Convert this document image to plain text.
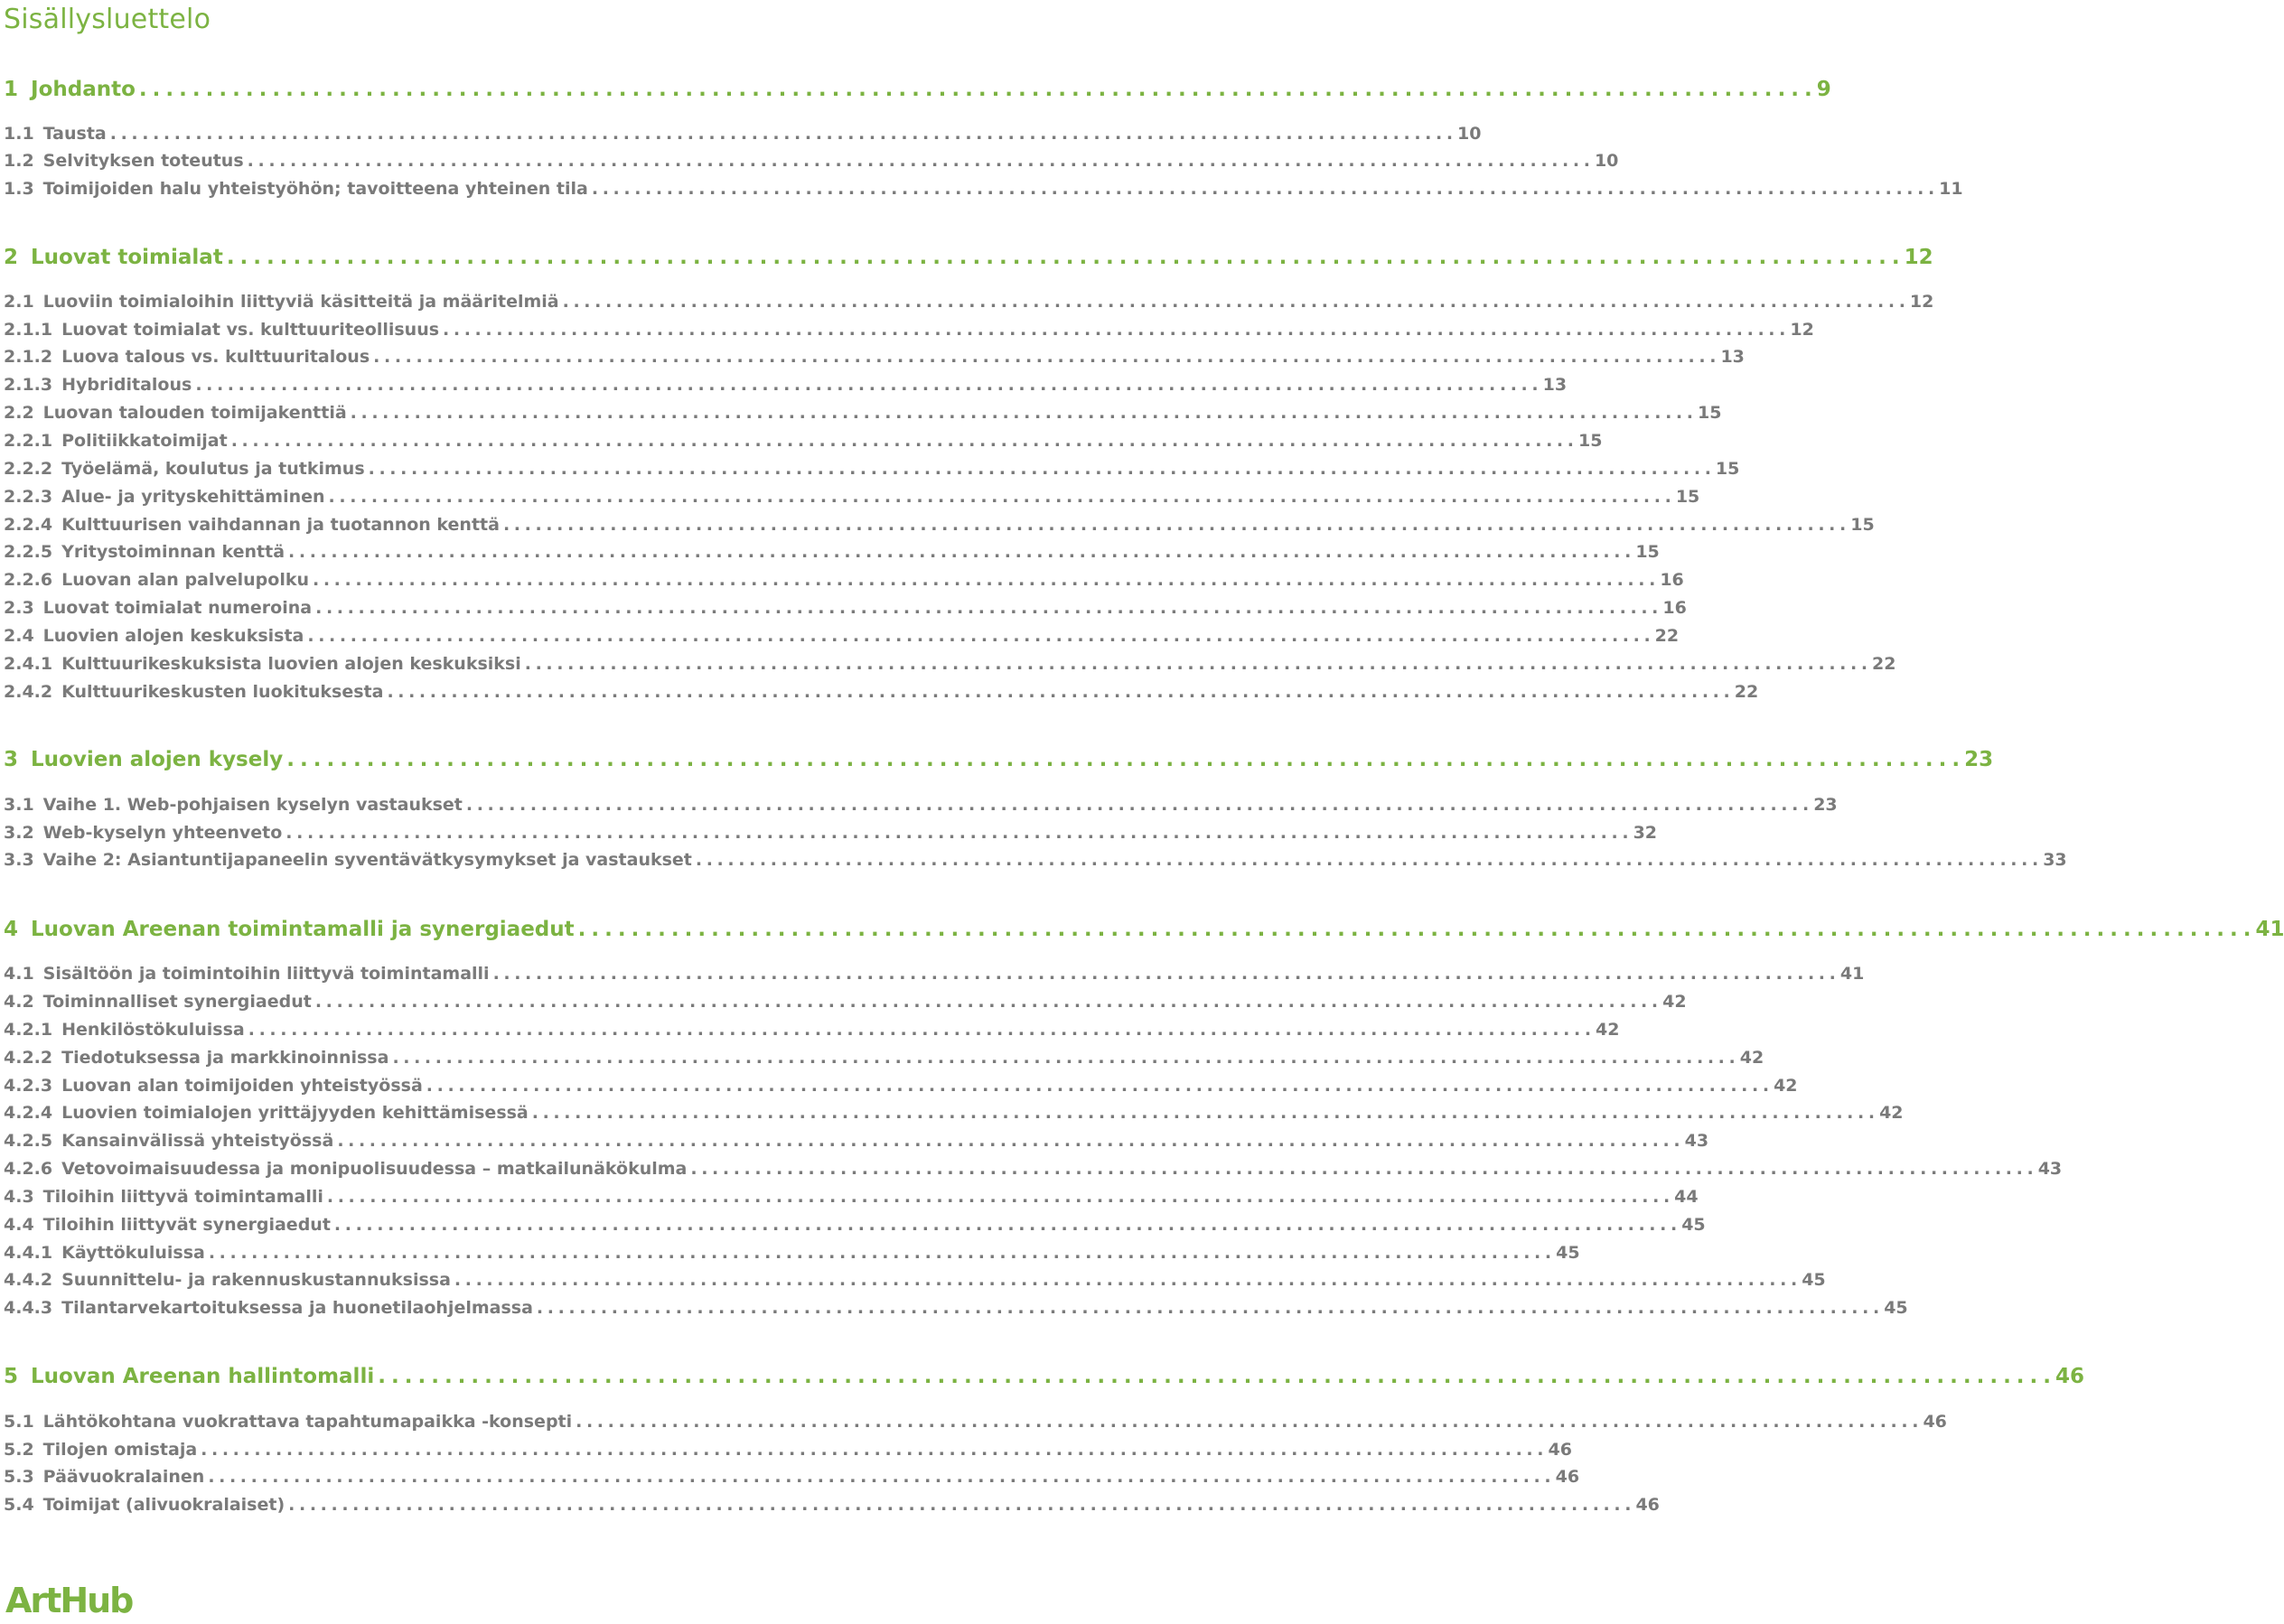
Sisällysluettelo
1 Johdanto . . .	9
1.1 Tausta . . .	10
1.2 Selvityksen toteutus . . .	10
1.3 Toimijoiden halu yhteistyöhön; tavoitteena yhteinen tila . . .	11
2 Luovat toimialat . . .	12
2.1 Luoviin toimialoihin liittyviä käsitteitä ja määritelmiä . . .	12
2.1.1 Luovat toimialat vs. kulttuuriteollisuus . . .	12
2.1.2 Luova talous vs. kulttuuritalous . . .	13
2.1.3 Hybriditalous . . .	13
2.2 Luovan talouden toimijakenttiä . . .	15
2.2.1 Politiikkatoimijat . . .	15
2.2.2 Työelämä, koulutus ja tutkimus . . .	15
2.2.3 Alue- ja yrityskehittäminen . . .	15
2.2.4 Kulttuurisen vaihdannan ja tuotannon kenttä . . .	15
2.2.5 Yritystoiminnan kenttä . . .	15
2.2.6 Luovan alan palvelupolku . . .	16
2.3 Luovat toimialat numeroina . . .	16
2.4 Luovien alojen keskuksista . . .	22
2.4.1 Kulttuurikeskuksista luovien alojen keskuksiksi . . .	22
2.4.2 Kulttuurikeskusten luokituksesta . . .	22
3 Luovien alojen kysely . . .	23
3.1 Vaihe 1. Web-pohjaisen kyselyn vastaukset . . .	23
3.2 Web-kyselyn yhteenveto . . .	32
3.3 Vaihe 2: Asiantuntijapaneelin syventävätkysymykset ja vastaukset . . .	33
4 Luovan Areenan toimintamalli ja synergiaedut . . .	41
4.1 Sisältöön ja toimintoihin liittyvä toimintamalli . . .	41
4.2 Toiminnalliset synergiaedut . . .	42
4.2.1 Henkilöstökuluissa . . .	42
4.2.2 Tiedotuksessa ja markkinoinnissa . . .	42
4.2.3 Luovan alan toimijoiden yhteistyössä . . .	42
4.2.4 Luovien toimialojen yrittäjyyden kehittämisessä . . .	42
4.2.5 Kansainvälissä yhteistyössä . . .	43
4.2.6 Vetovoimaisuudessa ja monipuolisuudessa – matkailunäkökulma . . .	43
4.3 Tiloihin liittyvä toimintamalli . . .	44
4.4 Tiloihin liittyvät synergiaedut . . .	45
4.4.1 Käyttökuluissa . . .	45
4.4.2 Suunnittelu- ja rakennuskustannuksissa . . .	45
4.4.3 Tilantarvekartoituksessa ja huonetilaohjelmassa . . .	45
5 Luovan Areenan hallintomalli . . .	46
5.1 Lähtökohtana vuokrattava tapahtumapaikka -konsepti . . .	46
5.2 Tilojen omistaja . . .	46
5.3 Päävuokralainen . . .	46
5.4 Toimijat (alivuokralaiset) . . .	46
ArtHub
